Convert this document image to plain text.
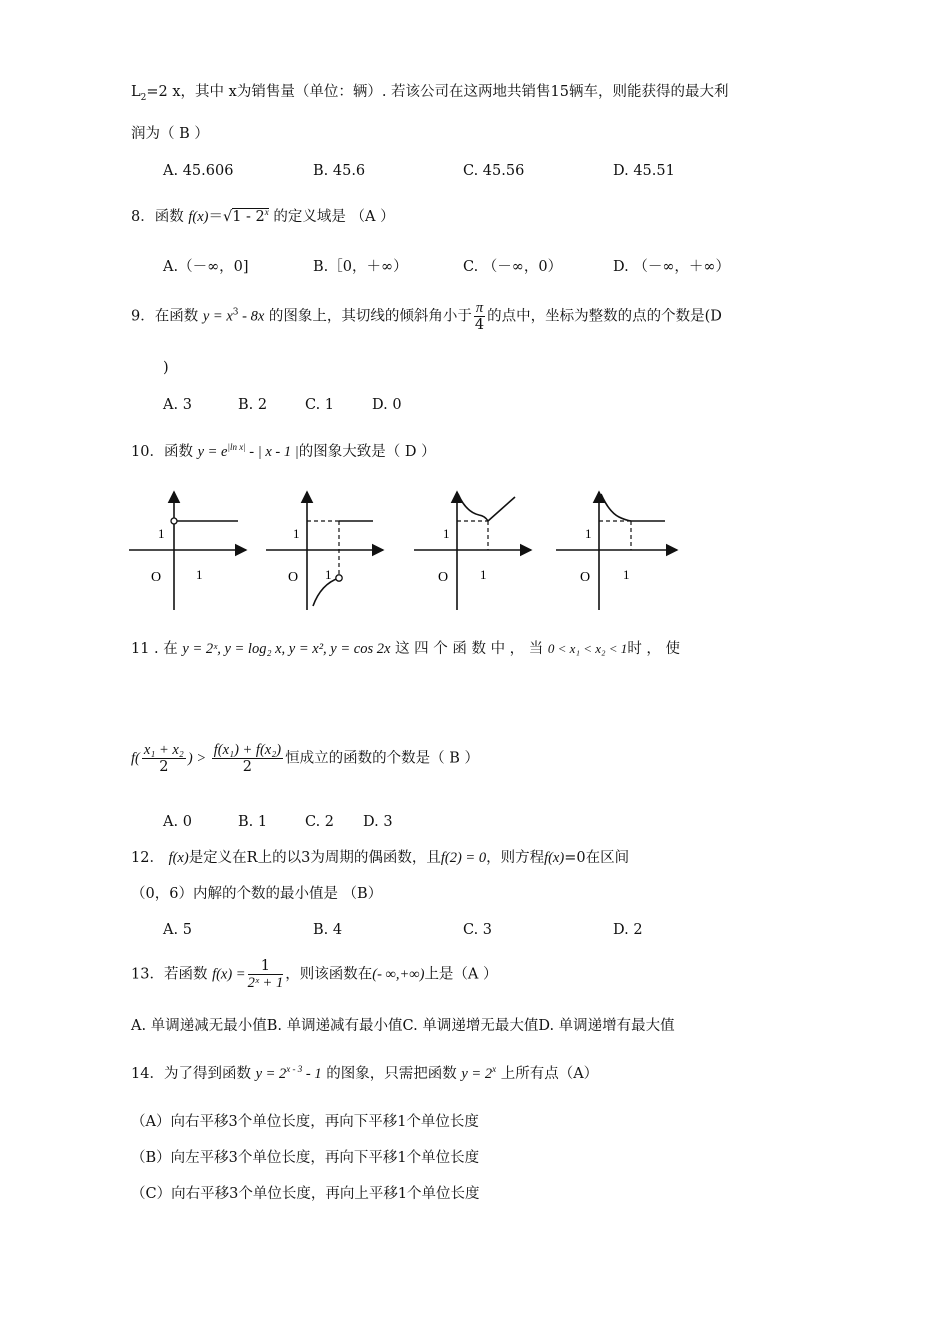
$L_2=2$ x，其中 x为销售量（单位：辆）. 若该公司在这两地共销售15辆车，则能获得的最大利
润为（ B ）
A. 45.606	B. 45.6	C. 45.56	D. 45.51
8．函数 f(x)＝√1 - 2$^x$ 的定义域是 （A ）
A.（－∞，0]	B.［0，＋∞）	C. （－∞，0）	D. （－∞，＋∞）
9．在函数 $y = x^3 - 8x$ 的图象上，其切线的倾斜角小于 $\frac{\pi}{4}$ 的点中，坐标为整数的点的个数是(D
)
A. 3	B. 2	C. 1	D. 0
10．函数 $y = e^{|ln x|}$ - | x - 1 |的图象大致是（ D ）
1
O	1
1
O 1
1
O 1
1
O	1
11 . 在 y = 2ˣ, y = log₂ x, y = x², y = cos 2x 这 四 个 函 数 中 ， 当 0 < x₁ < x₂ < 1时 ， 使
$f( \frac{\text{x₁ + x₂}}{2}$ ) > $\frac{\text{f(x₁) + f(x₂)}}{2}$ 恒成立的函数的个数是（ B ）
A. 0	B. 1	C. 2 D. 3
12． f(x)是定义在R上的以3为周期的偶函数，且f(2) = 0，则方程f(x)=0在区间
（0，6）内解的个数的最小值是 （B）
A. 5	B. 4	C. 3	D. 2
13．若函数 $f(x) = \frac{1}{\text{2ˣ + 1}}$ ，则该函数在(- ∞,+∞)上是（A ）
A. 单调递减无最小值B. 单调递减有最小值C. 单调递增无最大值D. 单调递增有最大值
14．为了得到函数 $y = 2^{x - 3} - 1$ 的图象，只需把函数 $y = 2^x$ 上所有点（A）
（A）向右平移3个单位长度，再向下平移1个单位长度
（B）向左平移3个单位长度，再向下平移1个单位长度
（C）向右平移3个单位长度，再向上平移1个单位长度
